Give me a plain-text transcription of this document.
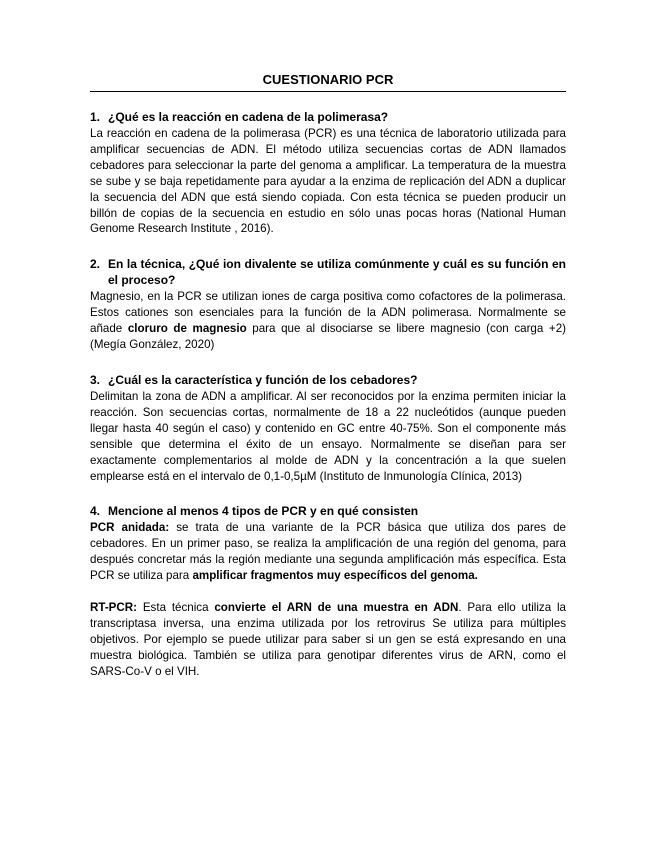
CUESTIONARIO PCR

1. ¿Qué es la reacción en cadena de la polimerasa?

La reacción en cadena de la polimerasa (PCR) es una técnica de laboratorio utilizada para amplificar secuencias de ADN. El método utiliza secuencias cortas de ADN llamados cebadores para seleccionar la parte del genoma a amplificar. La temperatura de la muestra se sube y se baja repetidamente para ayudar a la enzima de replicación del ADN a duplicar la secuencia del ADN que está siendo copiada. Con esta técnica se pueden producir un billón de copias de la secuencia en estudio en sólo unas pocas horas (National Human Genome Research Institute , 2016).

2. En la técnica, ¿Qué ion divalente se utiliza comúnmente y cuál es su función en el proceso?

Magnesio, en la PCR se utilizan iones de carga positiva como cofactores de la polimerasa. Estos cationes son esenciales para la función de la ADN polimerasa. Normalmente se añade cloruro de magnesio para que al disociarse se libere magnesio (con carga +2) (Megía González, 2020)

3. ¿Cuál es la característica y función de los cebadores?

Delimitan la zona de ADN a amplificar. Al ser reconocidos por la enzima permiten iniciar la reacción. Son secuencias cortas, normalmente de 18 a 22 nucleótidos (aunque pueden llegar hasta 40 según el caso) y contenido en GC entre 40-75%. Son el componente más sensible que determina el éxito de un ensayo. Normalmente se diseñan para ser exactamente complementarios al molde de ADN y la concentración a la que suelen emplearse está en el intervalo de 0,1-0,5µM (Instituto de Inmunología Clínica, 2013)

4. Mencione al menos 4 tipos de PCR y en qué consisten

PCR anidada: se trata de una variante de la PCR básica que utiliza dos pares de cebadores. En un primer paso, se realiza la amplificación de una región del genoma, para después concretar más la región mediante una segunda amplificación más específica. Esta PCR se utiliza para amplificar fragmentos muy específicos del genoma.

RT-PCR: Esta técnica convierte el ARN de una muestra en ADN. Para ello utiliza la transcriptasa inversa, una enzima utilizada por los retrovirus Se utiliza para múltiples objetivos. Por ejemplo se puede utilizar para saber si un gen se está expresando en una muestra biológica. También se utiliza para genotipar diferentes virus de ARN, como el SARS-Co-V o el VIH.
